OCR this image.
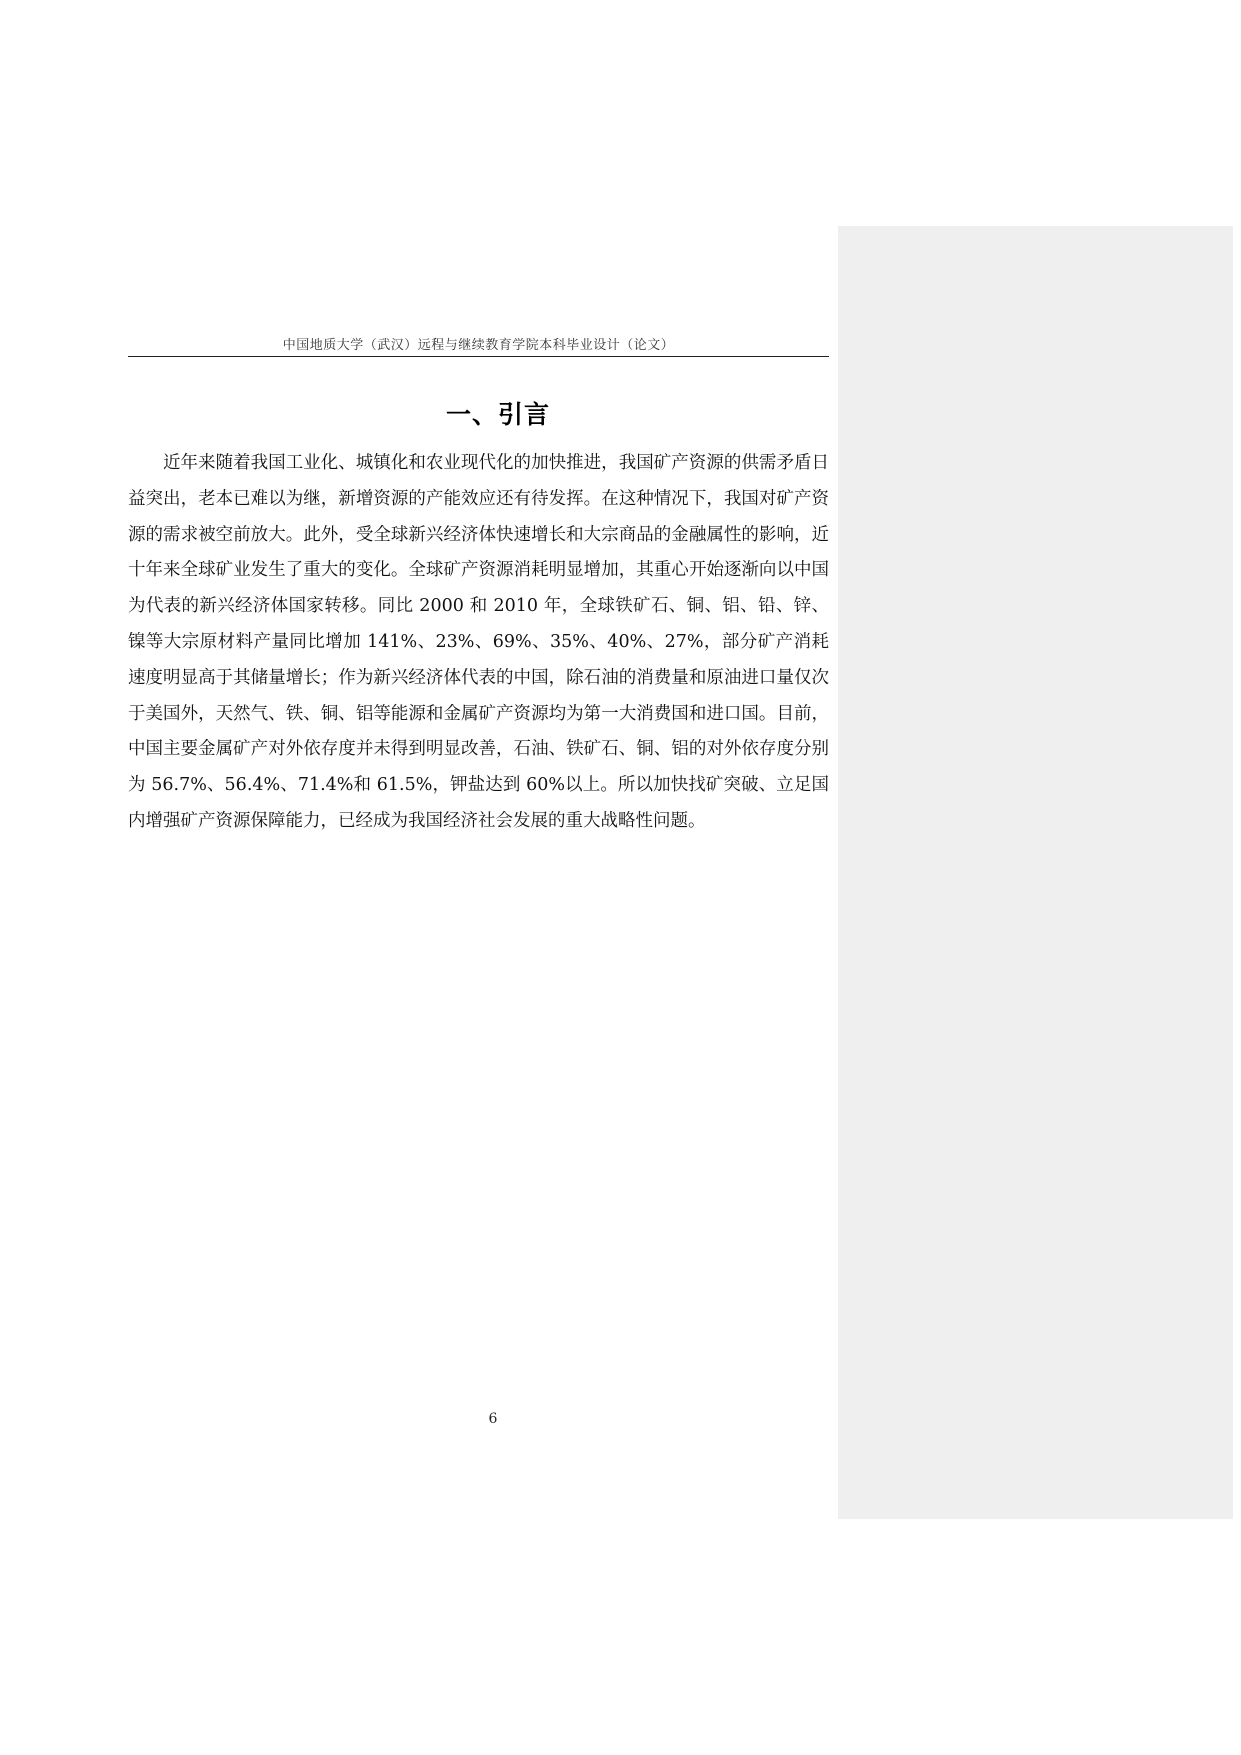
中国地质大学（武汉）远程与继续教育学院本科毕业设计（论文）
一、引言

近年来随着我国工业化、城镇化和农业现代化的加快推进，我国矿产资源的供需矛盾日益突出，老本已难以为继，新增资源的产能效应还有待发挥。在这种情况下，我国对矿产资源的需求被空前放大。此外，受全球新兴经济体快速增长和大宗商品的金融属性的影响，近十年来全球矿业发生了重大的变化。全球矿产资源消耗明显增加，其重心开始逐渐向以中国为代表的新兴经济体国家转移。同比 2000 和 2010 年，全球铁矿石、铜、铝、铅、锌、镍等大宗原材料产量同比增加 141%、23%、69%、35%、40%、27%，部分矿产消耗速度明显高于其储量增长；作为新兴经济体代表的中国，除石油的消费量和原油进口量仅次于美国外，天然气、铁、铜、铝等能源和金属矿产资源均为第一大消费国和进口国。目前，中国主要金属矿产对外依存度并未得到明显改善，石油、铁矿石、铜、铝的对外依存度分别为 56.7%、56.4%、71.4%和 61.5%，钾盐达到 60%以上。所以加快找矿突破、立足国内增强矿产资源保障能力，已经成为我国经济社会发展的重大战略性问题。

6
